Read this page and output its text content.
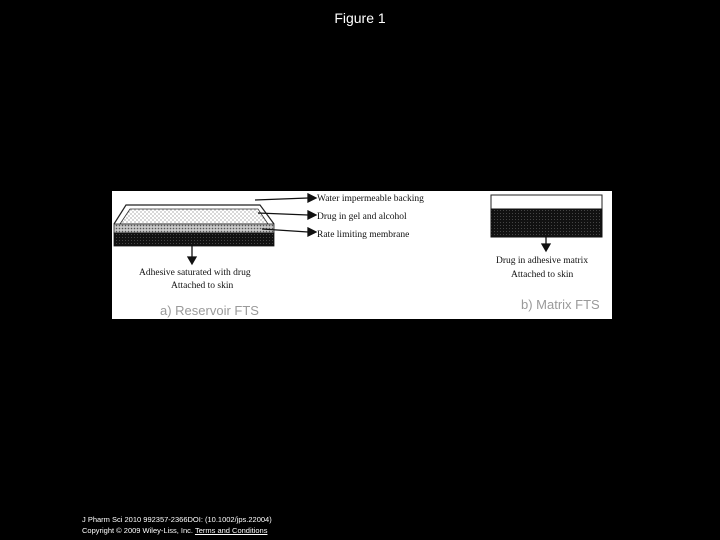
Figure 1
Water impermeable backing
Drug in gel and alcohol
Rate limiting membrane
Adhesive saturated with drug
Attached to skin
a) Reservoir FTS
Drug in adhesive matrix
Attached to skin
b) Matrix FTS
J Pharm Sci 2010 992357-2366DOI: (10.1002/jps.22004)
Copyright © 2009 Wiley-Liss, Inc. Terms and Conditions
